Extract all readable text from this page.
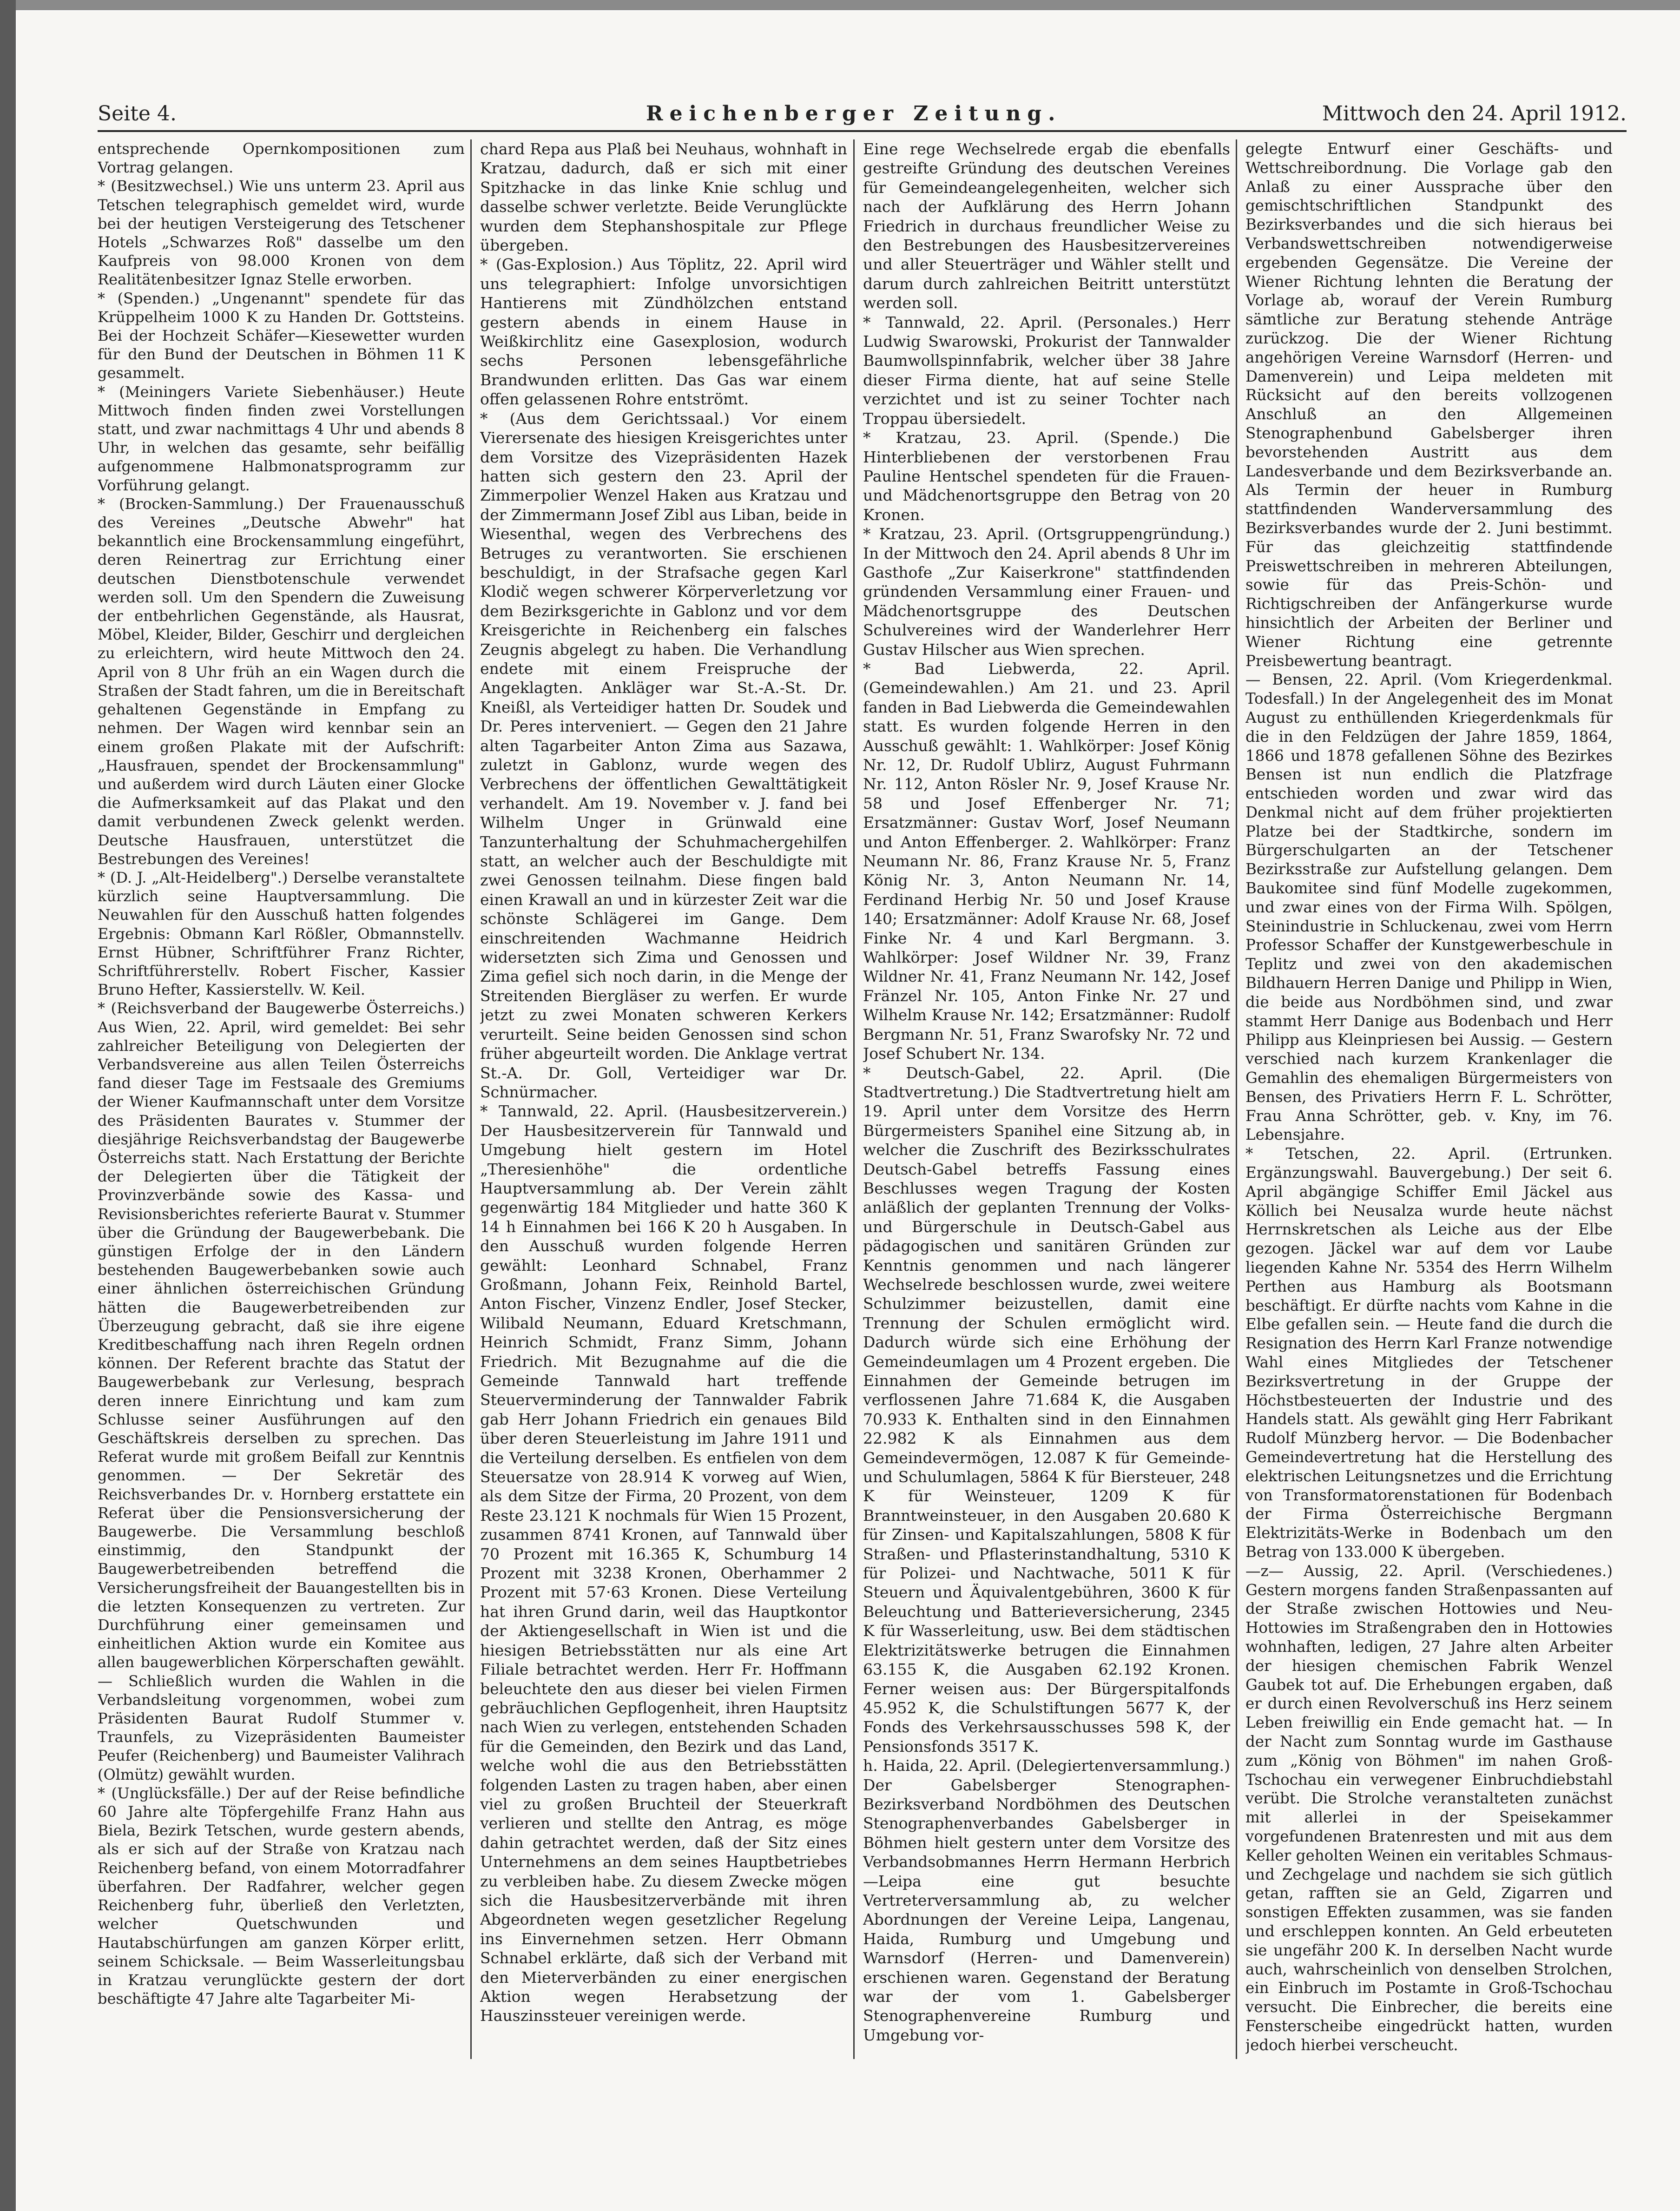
Seite 4.	Reichenberger Zeitung.	Mittwoch den 24. April 1912.

entsprechende Opernkompositionen zum Vortrag gelangen.

* (Besitzwechsel.) Wie uns unterm 23. April aus Tetschen telegraphisch gemeldet wird, wurde bei der heutigen Versteigerung des Tetschener Hotels „Schwarzes Roß" dasselbe um den Kaufpreis von 98.000 Kronen von dem Realitätenbesitzer Ignaz Stelle erworben.

* (Spenden.) „Ungenannt" spendete für das Krüppelheim 1000 K zu Handen Dr. Gottsteins. Bei der Hochzeit Schäfer—Kiesewetter wurden für den Bund der Deutschen in Böhmen 11 K gesammelt.

* (Meiningers Variete Siebenhäuser.) Heute Mittwoch finden finden zwei Vorstellungen statt, und zwar nachmittags 4 Uhr und abends 8 Uhr, in welchen das gesamte, sehr beifällig aufgenommene Halbmonatsprogramm zur Vorführung gelangt.

* (Brocken-Sammlung.) Der Frauenausschuß des Vereines „Deutsche Abwehr" hat bekanntlich eine Brockensammlung eingeführt, deren Reinertrag zur Errichtung einer deutschen Dienstbotenschule verwendet werden soll. Um den Spendern die Zuweisung der entbehrlichen Gegenstände, als Hausrat, Möbel, Kleider, Bilder, Geschirr und dergleichen zu erleichtern, wird heute Mittwoch den 24. April von 8 Uhr früh an ein Wagen durch die Straßen der Stadt fahren, um die in Bereitschaft gehaltenen Gegenstände in Empfang zu nehmen. Der Wagen wird kennbar sein an einem großen Plakate mit der Aufschrift: „Hausfrauen, spendet der Brockensammlung" und außerdem wird durch Läuten einer Glocke die Aufmerksamkeit auf das Plakat und den damit verbundenen Zweck gelenkt werden. Deutsche Hausfrauen, unterstützet die Bestrebungen des Vereines!

* (D. J. „Alt-Heidelberg".) Derselbe veranstaltete kürzlich seine Hauptversammlung. Die Neuwahlen für den Ausschuß hatten folgendes Ergebnis: Obmann Karl Rößler, Obmannstellv. Ernst Hübner, Schriftführer Franz Richter, Schriftführerstellv. Robert Fischer, Kassier Bruno Hefter, Kassierstellv. W. Keil.

* (Reichsverband der Baugewerbe Österreichs.) Aus Wien, 22. April, wird gemeldet: Bei sehr zahlreicher Beteiligung von Delegierten der Verbandsvereine aus allen Teilen Österreichs fand dieser Tage im Festsaale des Gremiums der Wiener Kaufmannschaft unter dem Vorsitze des Präsidenten Baurates v. Stummer der diesjährige Reichsverbandstag der Baugewerbe Österreichs statt. Nach Erstattung der Berichte der Delegierten über die Tätigkeit der Provinzverbände sowie des Kassa- und Revisionsberichtes referierte Baurat v. Stummer über die Gründung der Baugewerbebank. Die günstigen Erfolge der in den Ländern bestehenden Baugewerbebanken sowie auch einer ähnlichen österreichischen Gründung hätten die Baugewerbetreibenden zur Überzeugung gebracht, daß sie ihre eigene Kreditbeschaffung nach ihren Regeln ordnen können. Der Referent brachte das Statut der Baugewerbebank zur Verlesung, besprach deren innere Einrichtung und kam zum Schlusse seiner Ausführungen auf den Geschäftskreis derselben zu sprechen. Das Referat wurde mit großem Beifall zur Kenntnis genommen. — Der Sekretär des Reichsverbandes Dr. v. Hornberg erstattete ein Referat über die Pensionsversicherung der Baugewerbe. Die Versammlung beschloß einstimmig, den Standpunkt der Baugewerbetreibenden betreffend die Versicherungsfreiheit der Bauangestellten bis in die letzten Konsequenzen zu vertreten. Zur Durchführung einer gemeinsamen und einheitlichen Aktion wurde ein Komitee aus allen baugewerblichen Körperschaften gewählt. — Schließlich wurden die Wahlen in die Verbandsleitung vorgenommen, wobei zum Präsidenten Baurat Rudolf Stummer v. Traunfels, zu Vizepräsidenten Baumeister Peufer (Reichenberg) und Baumeister Valihrach (Olmütz) gewählt wurden.

* (Unglücksfälle.) Der auf der Reise befindliche 60 Jahre alte Töpfergehilfe Franz Hahn aus Biela, Bezirk Tetschen, wurde gestern abends, als er sich auf der Straße von Kratzau nach Reichenberg befand, von einem Motorradfahrer überfahren. Der Radfahrer, welcher gegen Reichenberg fuhr, überließ den Verletzten, welcher Quetschwunden und Hautabschürfungen am ganzen Körper erlitt, seinem Schicksale. — Beim Wasserleitungsbau in Kratzau verunglückte gestern der dort beschäftigte 47 Jahre alte Tagarbeiter Mi-

chard Repa aus Plaß bei Neuhaus, wohnhaft in Kratzau, dadurch, daß er sich mit einer Spitzhacke in das linke Knie schlug und dasselbe schwer verletzte. Beide Verunglückte wurden dem Stephanshospitale zur Pflege übergeben.

* (Gas-Explosion.) Aus Töplitz, 22. April wird uns telegraphiert: Infolge unvorsichtigen Hantierens mit Zündhölzchen entstand gestern abends in einem Hause in Weißkirchlitz eine Gasexplosion, wodurch sechs Personen lebensgefährliche Brandwunden erlitten. Das Gas war einem offen gelassenen Rohre entströmt.

* (Aus dem Gerichtssaal.) Vor einem Vierersenate des hiesigen Kreisgerichtes unter dem Vorsitze des Vizepräsidenten Hazek hatten sich gestern den 23. April der Zimmerpolier Wenzel Haken aus Kratzau und der Zimmermann Josef Zibl aus Liban, beide in Wiesenthal, wegen des Verbrechens des Betruges zu verantworten. Sie erschienen beschuldigt, in der Strafsache gegen Karl Klodič wegen schwerer Körperverletzung vor dem Bezirksgerichte in Gablonz und vor dem Kreisgerichte in Reichenberg ein falsches Zeugnis abgelegt zu haben. Die Verhandlung endete mit einem Freispruche der Angeklagten. Ankläger war St.-A.-St. Dr. Kneißl, als Verteidiger hatten Dr. Soudek und Dr. Peres interveniert. — Gegen den 21 Jahre alten Tagarbeiter Anton Zima aus Sazawa, zuletzt in Gablonz, wurde wegen des Verbrechens der öffentlichen Gewalttätigkeit verhandelt. Am 19. November v. J. fand bei Wilhelm Unger in Grünwald eine Tanzunterhaltung der Schuhmachergehilfen statt, an welcher auch der Beschuldigte mit zwei Genossen teilnahm. Diese fingen bald einen Krawall an und in kürzester Zeit war die schönste Schlägerei im Gange. Dem einschreitenden Wachmanne Heidrich widersetzten sich Zima und Genossen und Zima gefiel sich noch darin, in die Menge der Streitenden Biergläser zu werfen. Er wurde jetzt zu zwei Monaten schweren Kerkers verurteilt. Seine beiden Genossen sind schon früher abgeurteilt worden. Die Anklage vertrat St.-A. Dr. Goll, Verteidiger war Dr. Schnürmacher.

* Tannwald, 22. April. (Hausbesitzerverein.) Der Hausbesitzerverein für Tannwald und Umgebung hielt gestern im Hotel „Theresienhöhe" die ordentliche Hauptversammlung ab. Der Verein zählt gegenwärtig 184 Mitglieder und hatte 360 K 14 h Einnahmen bei 166 K 20 h Ausgaben. In den Ausschuß wurden folgende Herren gewählt: Leonhard Schnabel, Franz Großmann, Johann Feix, Reinhold Bartel, Anton Fischer, Vinzenz Endler, Josef Stecker, Wilibald Neumann, Eduard Kretschmann, Heinrich Schmidt, Franz Simm, Johann Friedrich. Mit Bezugnahme auf die die Gemeinde Tannwald hart treffende Steuerverminderung der Tannwalder Fabrik gab Herr Johann Friedrich ein genaues Bild über deren Steuerleistung im Jahre 1911 und die Verteilung derselben. Es entfielen von dem Steuersatze von 28.914 K vorweg auf Wien, als dem Sitze der Firma, 20 Prozent, von dem Reste 23.121 K nochmals für Wien 15 Prozent, zusammen 8741 Kronen, auf Tannwald über 70 Prozent mit 16.365 K, Schumburg 14 Prozent mit 3238 Kronen, Oberhammer 2 Prozent mit 57·63 Kronen. Diese Verteilung hat ihren Grund darin, weil das Hauptkontor der Aktiengesellschaft in Wien ist und die hiesigen Betriebsstätten nur als eine Art Filiale betrachtet werden. Herr Fr. Hoffmann beleuchtete den aus dieser bei vielen Firmen gebräuchlichen Gepflogenheit, ihren Hauptsitz nach Wien zu verlegen, entstehenden Schaden für die Gemeinden, den Bezirk und das Land, welche wohl die aus den Betriebsstätten folgenden Lasten zu tragen haben, aber einen viel zu großen Bruchteil der Steuerkraft verlieren und stellte den Antrag, es möge dahin getrachtet werden, daß der Sitz eines Unternehmens an dem seines Hauptbetriebes zu verbleiben habe. Zu diesem Zwecke mögen sich die Hausbesitzerverbände mit ihren Abgeordneten wegen gesetzlicher Regelung ins Einvernehmen setzen. Herr Obmann Schnabel erklärte, daß sich der Verband mit den Mieterverbänden zu einer energischen Aktion wegen Herabsetzung der Hauszinssteuer vereinigen werde.

Eine rege Wechselrede ergab die ebenfalls gestreifte Gründung des deutschen Vereines für Gemeindeangelegenheiten, welcher sich nach der Aufklärung des Herrn Johann Friedrich in durchaus freundlicher Weise zu den Bestrebungen des Hausbesitzervereines und aller Steuerträger und Wähler stellt und darum durch zahlreichen Beitritt unterstützt werden soll.

* Tannwald, 22. April. (Personales.) Herr Ludwig Swarowski, Prokurist der Tannwalder Baumwollspinnfabrik, welcher über 38 Jahre dieser Firma diente, hat auf seine Stelle verzichtet und ist zu seiner Tochter nach Troppau übersiedelt.

* Kratzau, 23. April. (Spende.) Die Hinterbliebenen der verstorbenen Frau Pauline Hentschel spendeten für die Frauen- und Mädchenortsgruppe den Betrag von 20 Kronen.

* Kratzau, 23. April. (Ortsgruppengründung.) In der Mittwoch den 24. April abends 8 Uhr im Gasthofe „Zur Kaiserkrone" stattfindenden gründenden Versammlung einer Frauen- und Mädchenortsgruppe des Deutschen Schulvereines wird der Wanderlehrer Herr Gustav Hilscher aus Wien sprechen.

* Bad Liebwerda, 22. April. (Gemeindewahlen.) Am 21. und 23. April fanden in Bad Liebwerda die Gemeindewahlen statt. Es wurden folgende Herren in den Ausschuß gewählt: 1. Wahlkörper: Josef König Nr. 12, Dr. Rudolf Ublirz, August Fuhrmann Nr. 112, Anton Rösler Nr. 9, Josef Krause Nr. 58 und Josef Effenberger Nr. 71; Ersatzmänner: Gustav Worf, Josef Neumann und Anton Effenberger. 2. Wahlkörper: Franz Neumann Nr. 86, Franz Krause Nr. 5, Franz König Nr. 3, Anton Neumann Nr. 14, Ferdinand Herbig Nr. 50 und Josef Krause 140; Ersatzmänner: Adolf Krause Nr. 68, Josef Finke Nr. 4 und Karl Bergmann. 3. Wahlkörper: Josef Wildner Nr. 39, Franz Wildner Nr. 41, Franz Neumann Nr. 142, Josef Fränzel Nr. 105, Anton Finke Nr. 27 und Wilhelm Krause Nr. 142; Ersatzmänner: Rudolf Bergmann Nr. 51, Franz Swarofsky Nr. 72 und Josef Schubert Nr. 134.

* Deutsch-Gabel, 22. April. (Die Stadtvertretung.) Die Stadtvertretung hielt am 19. April unter dem Vorsitze des Herrn Bürgermeisters Spanihel eine Sitzung ab, in welcher die Zuschrift des Bezirksschulrates Deutsch-Gabel betreffs Fassung eines Beschlusses wegen Tragung der Kosten anläßlich der geplanten Trennung der Volks- und Bürgerschule in Deutsch-Gabel aus pädagogischen und sanitären Gründen zur Kenntnis genommen und nach längerer Wechselrede beschlossen wurde, zwei weitere Schulzimmer beizustellen, damit eine Trennung der Schulen ermöglicht wird. Dadurch würde sich eine Erhöhung der Gemeindeumlagen um 4 Prozent ergeben. Die Einnahmen der Gemeinde betrugen im verflossenen Jahre 71.684 K, die Ausgaben 70.933 K. Enthalten sind in den Einnahmen 22.982 K als Einnahmen aus dem Gemeindevermögen, 12.087 K für Gemeinde- und Schulumlagen, 5864 K für Biersteuer, 248 K für Weinsteuer, 1209 K für Branntweinsteuer, in den Ausgaben 20.680 K für Zinsen- und Kapitalszahlungen, 5808 K für Straßen- und Pflasterinstandhaltung, 5310 K für Polizei- und Nachtwache, 5011 K für Steuern und Äquivalentgebühren, 3600 K für Beleuchtung und Batterieversicherung, 2345 K für Wasserleitung, usw. Bei dem städtischen Elektrizitätswerke betrugen die Einnahmen 63.155 K, die Ausgaben 62.192 Kronen. Ferner weisen aus: Der Bürgerspitalfonds 45.952 K, die Schulstiftungen 5677 K, der Fonds des Verkehrsausschusses 598 K, der Pensionsfonds 3517 K.

h. Haida, 22. April. (Delegiertenversammlung.) Der Gabelsberger Stenographen-Bezirksverband Nordböhmen des Deutschen Stenographenverbandes Gabelsberger in Böhmen hielt gestern unter dem Vorsitze des Verbandsobmannes Herrn Hermann Herbrich—Leipa eine gut besuchte Vertreterversammlung ab, zu welcher Abordnungen der Vereine Leipa, Langenau, Haida, Rumburg und Umgebung und Warnsdorf (Herren- und Damenverein) erschienen waren. Gegenstand der Beratung war der vom 1. Gabelsberger Stenographenvereine Rumburg und Umgebung vor-

gelegte Entwurf einer Geschäfts- und Wettschreibordnung. Die Vorlage gab den Anlaß zu einer Aussprache über den gemischtschriftlichen Standpunkt des Bezirksverbandes und die sich hieraus bei Verbandswettschreiben notwendigerweise ergebenden Gegensätze. Die Vereine der Wiener Richtung lehnten die Beratung der Vorlage ab, worauf der Verein Rumburg sämtliche zur Beratung stehende Anträge zurückzog. Die der Wiener Richtung angehörigen Vereine Warnsdorf (Herren- und Damenverein) und Leipa meldeten mit Rücksicht auf den bereits vollzogenen Anschluß an den Allgemeinen Stenographenbund Gabelsberger ihren bevorstehenden Austritt aus dem Landesverbande und dem Bezirksverbande an. Als Termin der heuer in Rumburg stattfindenden Wanderversammlung des Bezirksverbandes wurde der 2. Juni bestimmt. Für das gleichzeitig stattfindende Preiswettschreiben in mehreren Abteilungen, sowie für das Preis-Schön- und Richtigschreiben der Anfängerkurse wurde hinsichtlich der Arbeiten der Berliner und Wiener Richtung eine getrennte Preisbewertung beantragt.

— Bensen, 22. April. (Vom Kriegerdenkmal. Todesfall.) In der Angelegenheit des im Monat August zu enthüllenden Kriegerdenkmals für die in den Feldzügen der Jahre 1859, 1864, 1866 und 1878 gefallenen Söhne des Bezirkes Bensen ist nun endlich die Platzfrage entschieden worden und zwar wird das Denkmal nicht auf dem früher projektierten Platze bei der Stadtkirche, sondern im Bürgerschulgarten an der Tetschener Bezirksstraße zur Aufstellung gelangen. Dem Baukomitee sind fünf Modelle zugekommen, und zwar eines von der Firma Wilh. Spölgen, Steinindustrie in Schluckenau, zwei vom Herrn Professor Schaffer der Kunstgewerbeschule in Teplitz und zwei von den akademischen Bildhauern Herren Danige und Philipp in Wien, die beide aus Nordböhmen sind, und zwar stammt Herr Danige aus Bodenbach und Herr Philipp aus Kleinpriesen bei Aussig. — Gestern verschied nach kurzem Krankenlager die Gemahlin des ehemaligen Bürgermeisters von Bensen, des Privatiers Herrn F. L. Schrötter, Frau Anna Schrötter, geb. v. Kny, im 76. Lebensjahre.

* Tetschen, 22. April. (Ertrunken. Ergänzungswahl. Bauvergebung.) Der seit 6. April abgängige Schiffer Emil Jäckel aus Köllich bei Neusalza wurde heute nächst Herrnskretschen als Leiche aus der Elbe gezogen. Jäckel war auf dem vor Laube liegenden Kahne Nr. 5354 des Herrn Wilhelm Perthen aus Hamburg als Bootsmann beschäftigt. Er dürfte nachts vom Kahne in die Elbe gefallen sein. — Heute fand die durch die Resignation des Herrn Karl Franze notwendige Wahl eines Mitgliedes der Tetschener Bezirksvertretung in der Gruppe der Höchstbesteuerten der Industrie und des Handels statt. Als gewählt ging Herr Fabrikant Rudolf Münzberg hervor. — Die Bodenbacher Gemeindevertretung hat die Herstellung des elektrischen Leitungsnetzes und die Errichtung von Transformatorenstationen für Bodenbach der Firma Österreichische Bergmann Elektrizitäts-Werke in Bodenbach um den Betrag von 133.000 K übergeben.

—z— Aussig, 22. April. (Verschiedenes.) Gestern morgens fanden Straßenpassanten auf der Straße zwischen Hottowies und Neu-Hottowies im Straßengraben den in Hottowies wohnhaften, ledigen, 27 Jahre alten Arbeiter der hiesigen chemischen Fabrik Wenzel Gaubek tot auf. Die Erhebungen ergaben, daß er durch einen Revolverschuß ins Herz seinem Leben freiwillig ein Ende gemacht hat. — In der Nacht zum Sonntag wurde im Gasthause zum „König von Böhmen" im nahen Groß-Tschochau ein verwegener Einbruchdiebstahl verübt. Die Strolche veranstalteten zunächst mit allerlei in der Speisekammer vorgefundenen Bratenresten und mit aus dem Keller geholten Weinen ein veritables Schmaus- und Zechgelage und nachdem sie sich gütlich getan, rafften sie an Geld, Zigarren und sonstigen Effekten zusammen, was sie fanden und erschleppen konnten. An Geld erbeuteten sie ungefähr 200 K. In derselben Nacht wurde auch, wahrscheinlich von denselben Strolchen, ein Einbruch im Postamte in Groß-Tschochau versucht. Die Einbrecher, die bereits eine Fensterscheibe eingedrückt hatten, wurden jedoch hierbei verscheucht.
